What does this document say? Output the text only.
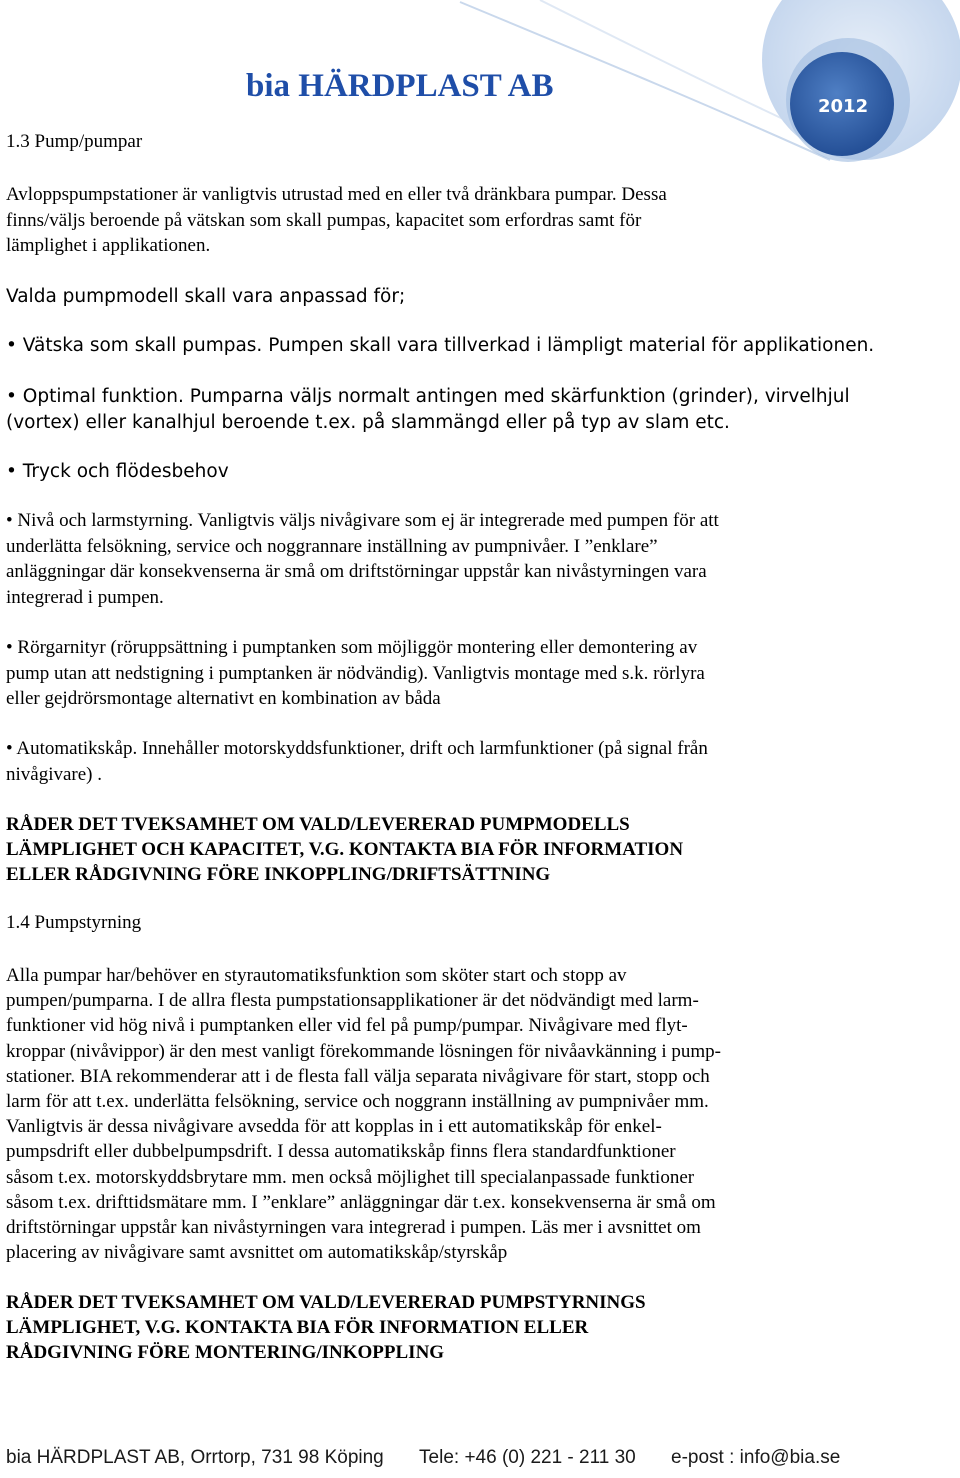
2012
bia HÄRDPLAST AB
1.3 Pump/pumpar
Avloppspumpstationer är vanligtvis utrustad med en eller två dränkbara pumpar. Dessa
finns/väljs beroende på vätskan som skall pumpas, kapacitet som erfordras samt för
lämplighet i applikationen.
Valda pumpmodell skall vara anpassad för;
• Vätska som skall pumpas. Pumpen skall vara tillverkad i lämpligt material för applikationen.
• Optimal funktion. Pumparna väljs normalt antingen med skärfunktion (grinder), virvelhjul
(vortex) eller kanalhjul beroende t.ex. på slammängd eller på typ av slam etc.
• Tryck och flödesbehov
• Nivå och larmstyrning. Vanligtvis väljs nivågivare som ej är integrerade med pumpen för att
underlätta felsökning, service och noggrannare inställning av pumpnivåer. I ”enklare”
anläggningar där konsekvenserna är små om driftstörningar uppstår kan nivåstyrningen vara
integrerad i pumpen.
• Rörgarnityr (röruppsättning i pumptanken som möjliggör montering eller demontering av
pump utan att nedstigning i pumptanken är nödvändig). Vanligtvis montage med s.k. rörlyra
eller gejdrörsmontage alternativt en kombination av båda
• Automatikskåp. Innehåller motorskyddsfunktioner, drift och larmfunktioner (på signal från
nivågivare) .
RÅDER DET TVEKSAMHET OM VALD/LEVERERAD PUMPMODELLS
LÄMPLIGHET OCH KAPACITET, V.G. KONTAKTA BIA FÖR INFORMATION
ELLER RÅDGIVNING FÖRE INKOPPLING/DRIFTSÄTTNING
1.4 Pumpstyrning
Alla pumpar har/behöver en styrautomatiksfunktion som sköter start och stopp av
pumpen/pumparna. I de allra flesta pumpstationsapplikationer är det nödvändigt med larm-
funktioner vid hög nivå i pumptanken eller vid fel på pump/pumpar. Nivågivare med flyt-
kroppar (nivåvippor) är den mest vanligt förekommande lösningen för nivåavkänning i pump-
stationer. BIA rekommenderar att i de flesta fall välja separata nivågivare för start, stopp och
larm för att t.ex. underlätta felsökning, service och noggrann inställning av pumpnivåer mm.
Vanligtvis är dessa nivågivare avsedda för att kopplas in i ett automatikskåp för enkel-
pumpsdrift eller dubbelpumpsdrift. I dessa automatikskåp finns flera standardfunktioner
såsom t.ex. motorskyddsbrytare mm. men också möjlighet till specialanpassade funktioner
såsom t.ex. drifttidsmätare mm. I ”enklare” anläggningar där t.ex. konsekvenserna är små om
driftstörningar uppstår kan nivåstyrningen vara integrerad i pumpen. Läs mer i avsnittet om
placering av nivågivare samt avsnittet om automatikskåp/styrskåp
RÅDER DET TVEKSAMHET OM VALD/LEVERERAD PUMPSTYRNINGS
LÄMPLIGHET, V.G. KONTAKTA BIA FÖR INFORMATION ELLER
RÅDGIVNING FÖRE MONTERING/INKOPPLING
bia HÄRDPLAST AB, Orrtorp, 731 98 Köping Tele: +46 (0) 221 - 211 30 e-post : info@bia.se
